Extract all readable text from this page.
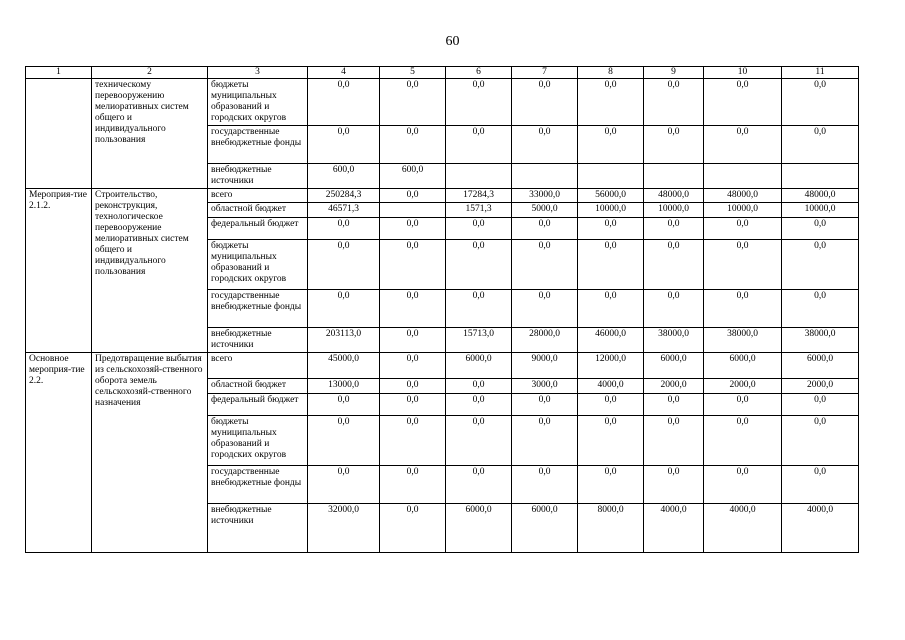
60
1	2	3	4	5	6	7	8	9	10	11
	техническому перевооружению мелиоративных систем общего и индивидуального пользования	бюджеты муниципальных образований и городских округов	0,0	0,0	0,0	0,0	0,0	0,0	0,0	0,0
		государственные внебюджетные фонды	0,0	0,0	0,0	0,0	0,0	0,0	0,0	0,0
		внебюджетные источники	600,0	600,0						
Мероприя-тие 2.1.2.	Строительство, реконструкция, технологическое перевооружение мелиоративных систем общего и индивидуального пользования	всего	250284,3	0,0	17284,3	33000,0	56000,0	48000,0	48000,0	48000,0
		областной бюджет	46571,3		1571,3	5000,0	10000,0	10000,0	10000,0	10000,0
		федеральный бюджет	0,0	0,0	0,0	0,0	0,0	0,0	0,0	0,0
		бюджеты муниципальных образований и городских округов	0,0	0,0	0,0	0,0	0,0	0,0	0,0	0,0
		государственные внебюджетные фонды	0,0	0,0	0,0	0,0	0,0	0,0	0,0	0,0
		внебюджетные источники	203113,0	0,0	15713,0	28000,0	46000,0	38000,0	38000,0	38000,0
Основное мероприя-тие 2.2.	Предотвращение выбытия из сельскохозяй-ственного оборота земель сельскохозяй-ственного назначения	всего	45000,0	0,0	6000,0	9000,0	12000,0	6000,0	6000,0	6000,0
		областной бюджет	13000,0	0,0	0,0	3000,0	4000,0	2000,0	2000,0	2000,0
		федеральный бюджет	0,0	0,0	0,0	0,0	0,0	0,0	0,0	0,0
		бюджеты муниципальных образований и городских округов	0,0	0,0	0,0	0,0	0,0	0,0	0,0	0,0
		государственные внебюджетные фонды	0,0	0,0	0,0	0,0	0,0	0,0	0,0	0,0
		внебюджетные источники	32000,0	0,0	6000,0	6000,0	8000,0	4000,0	4000,0	4000,0
